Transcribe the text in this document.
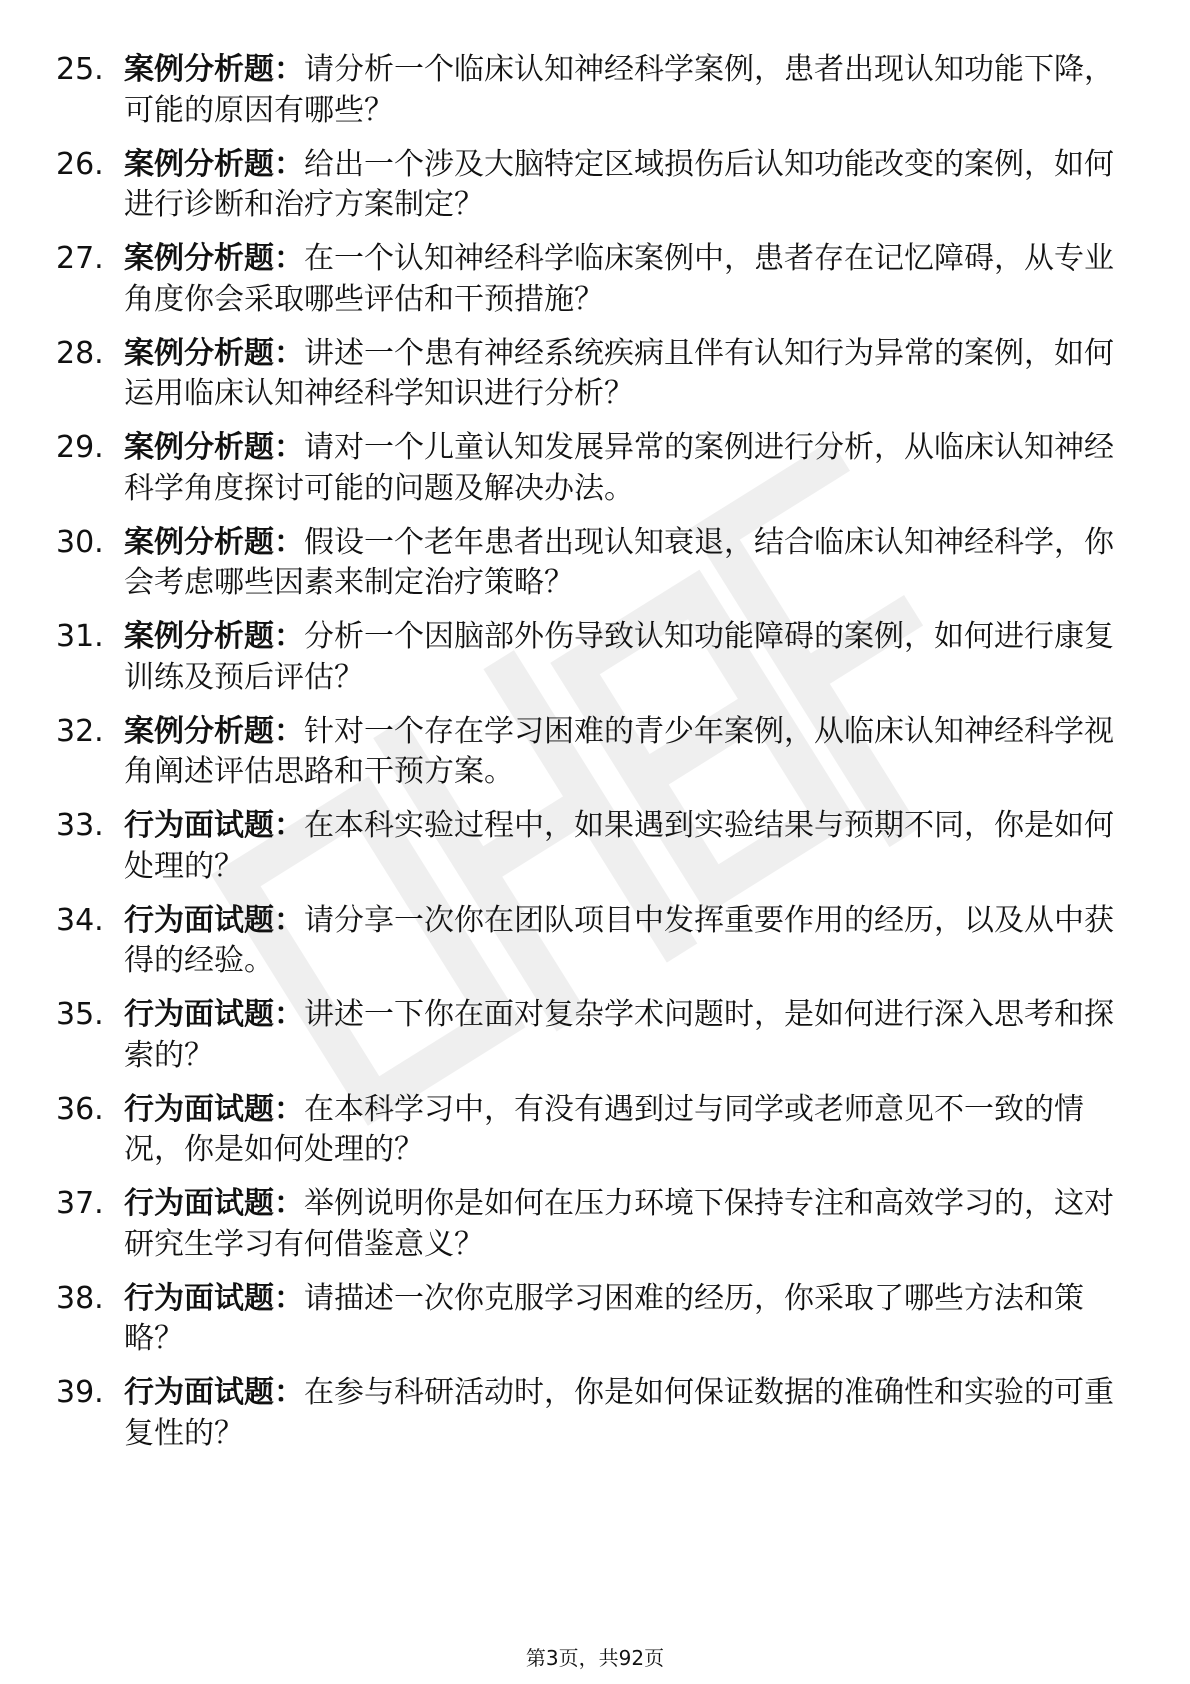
25. 案例分析题：请分析一个临床认知神经科学案例，患者出现认知功能下降，可能的原因有哪些？
26. 案例分析题：给出一个涉及大脑特定区域损伤后认知功能改变的案例，如何进行诊断和治疗方案制定？
27. 案例分析题：在一个认知神经科学临床案例中，患者存在记忆障碍，从专业角度你会采取哪些评估和干预措施？
28. 案例分析题：讲述一个患有神经系统疾病且伴有认知行为异常的案例，如何运用临床认知神经科学知识进行分析？
29. 案例分析题：请对一个儿童认知发展异常的案例进行分析，从临床认知神经科学角度探讨可能的问题及解决办法。
30. 案例分析题：假设一个老年患者出现认知衰退，结合临床认知神经科学，你会考虑哪些因素来制定治疗策略？
31. 案例分析题：分析一个因脑部外伤导致认知功能障碍的案例，如何进行康复训练及预后评估？
32. 案例分析题：针对一个存在学习困难的青少年案例，从临床认知神经科学视角阐述评估思路和干预方案。
33. 行为面试题：在本科实验过程中，如果遇到实验结果与预期不同，你是如何处理的？
34. 行为面试题：请分享一次你在团队项目中发挥重要作用的经历，以及从中获得的经验。
35. 行为面试题：讲述一下你在面对复杂学术问题时，是如何进行深入思考和探索的？
36. 行为面试题：在本科学习中，有没有遇到过与同学或老师意见不一致的情况，你是如何处理的？
37. 行为面试题：举例说明你是如何在压力环境下保持专注和高效学习的，这对研究生学习有何借鉴意义？
38. 行为面试题：请描述一次你克服学习困难的经历，你采取了哪些方法和策略？
39. 行为面试题：在参与科研活动时，你是如何保证数据的准确性和实验的可重复性的？
第3页，共92页
